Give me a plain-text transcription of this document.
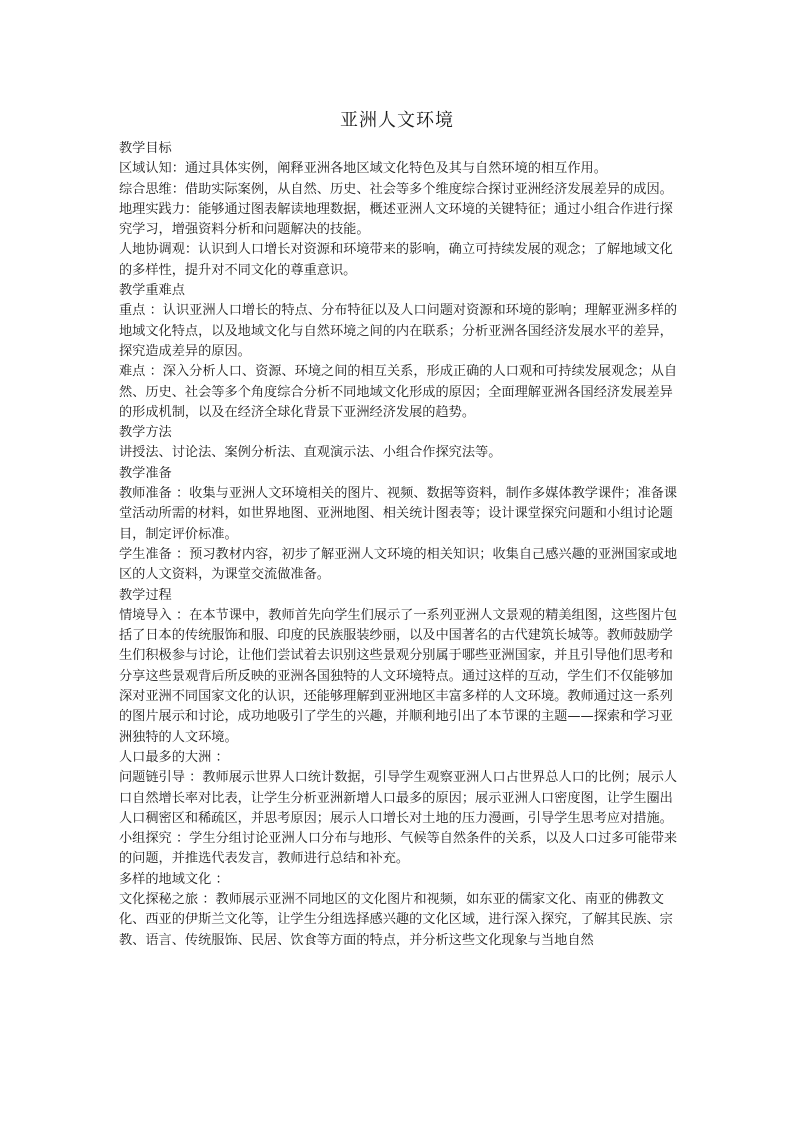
亚洲人文环境

教学目标

区域认知：通过具体实例，阐释亚洲各地区域文化特色及其与自然环境的相互作用。

综合思维：借助实际案例，从自然、历史、社会等多个维度综合探讨亚洲经济发展差异的成因。

地理实践力：能够通过图表解读地理数据，概述亚洲人文环境的关键特征；通过小组合作进行探究学习，增强资料分析和问题解决的技能。

人地协调观：认识到人口增长对资源和环境带来的影响，确立可持续发展的观念；了解地域文化的多样性，提升对不同文化的尊重意识。

教学重难点

重点 ：认识亚洲人口增长的特点、分布特征以及人口问题对资源和环境的影响；理解亚洲多样的地域文化特点，以及地域文化与自然环境之间的内在联系；分析亚洲各国经济发展水平的差异，探究造成差异的原因。

难点 ：深入分析人口、资源、环境之间的相互关系，形成正确的人口观和可持续发展观念；从自然、历史、社会等多个角度综合分析不同地域文化形成的原因；全面理解亚洲各国经济发展差异的形成机制，以及在经济全球化背景下亚洲经济发展的趋势。

教学方法

讲授法、讨论法、案例分析法、直观演示法、小组合作探究法等。

教学准备

教师准备 ：收集与亚洲人文环境相关的图片、视频、数据等资料，制作多媒体教学课件；准备课堂活动所需的材料，如世界地图、亚洲地图、相关统计图表等；设计课堂探究问题和小组讨论题目，制定评价标准。

学生准备 ：预习教材内容，初步了解亚洲人文环境的相关知识；收集自己感兴趣的亚洲国家或地区的人文资料，为课堂交流做准备。

教学过程

情境导入 ：在本节课中，教师首先向学生们展示了一系列亚洲人文景观的精美组图，这些图片包括了日本的传统服饰和服、印度的民族服装纱丽，以及中国著名的古代建筑长城等。教师鼓励学生们积极参与讨论，让他们尝试着去识别这些景观分别属于哪些亚洲国家，并且引导他们思考和分享这些景观背后所反映的亚洲各国独特的人文环境特点。通过这样的互动，学生们不仅能够加深对亚洲不同国家文化的认识，还能够理解到亚洲地区丰富多样的人文环境。教师通过这一系列的图片展示和讨论，成功地吸引了学生的兴趣，并顺利地引出了本节课的主题——探索和学习亚洲独特的人文环境。

人口最多的大洲 ：

问题链引导 ：教师展示世界人口统计数据，引导学生观察亚洲人口占世界总人口的比例；展示人口自然增长率对比表，让学生分析亚洲新增人口最多的原因；展示亚洲人口密度图，让学生圈出人口稠密区和稀疏区，并思考原因；展示人口增长对土地的压力漫画，引导学生思考应对措施。

小组探究 ：学生分组讨论亚洲人口分布与地形、气候等自然条件的关系，以及人口过多可能带来的问题，并推选代表发言，教师进行总结和补充。

多样的地域文化 ：

文化探秘之旅 ：教师展示亚洲不同地区的文化图片和视频，如东亚的儒家文化、南亚的佛教文化、西亚的伊斯兰文化等，让学生分组选择感兴趣的文化区域，进行深入探究，了解其民族、宗教、语言、传统服饰、民居、饮食等方面的特点，并分析这些文化现象与当地自然
